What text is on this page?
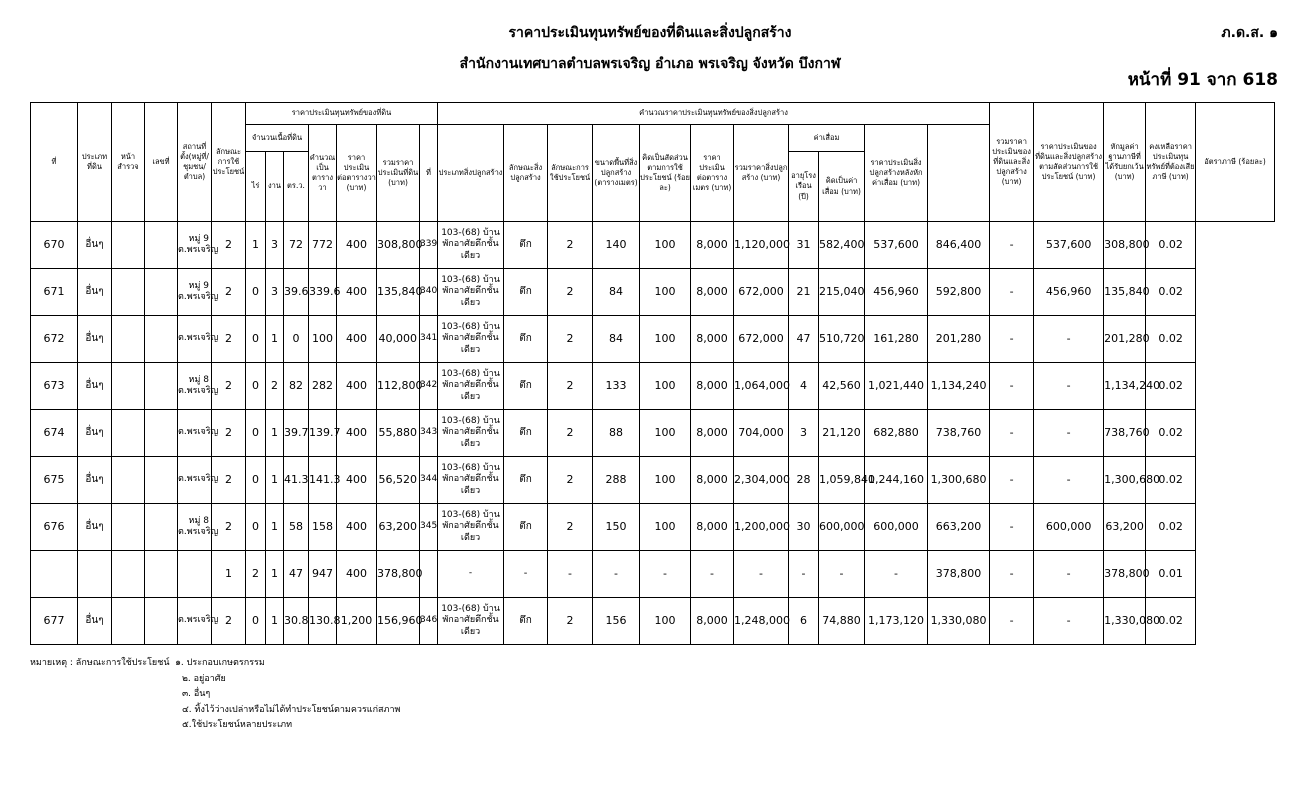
ราคาประเมินทุนทรัพย์ของที่ดินและสิ่งปลูกสร้าง
สำนักงานเทศบาลตำบลพรเจริญ อำเภอ พรเจริญ จังหวัด บึงกาฬ
ภ.ด.ส. ๑
หน้าที่ 91 จาก 618
ที่	ประเภทที่ดิน	หน้าสำรวจ	เลขที่	สถานที่ตั้ง(หมู่ที่/ชุมชน/ตำบล)	ลักษณะการใช้ประโยชน์	ราคาประเมินทุนทรัพย์ของที่ดิน							คำนวณราคาประเมินทุนทรัพย์ของสิ่งปลูกสร้าง											รวมราคาประเมินของที่ดินและสิ่งปลูกสร้าง (บาท)	ราคาประเมินของที่ดินและสิ่งปลูกสร้างตามสัดส่วนการใช้ประโยชน์ (บาท)	หักมูลค่าฐานภาษีที่ได้รับยกเว้น (บาท)	คงเหลือราคาประเมินทุนทรัพย์ที่ต้องเสียภาษี (บาท)	อัตราภาษี (ร้อยละ)
						จำนวนเนื้อที่ดิน			คำนวณเป็นตารางวา	ราคาประเมินต่อตารางวา (บาท)	รวมราคาประเมินที่ดิน (บาท)	ที่	ประเภทสิ่งปลูกสร้าง	ลักษณะสิ่งปลูกสร้าง	ลักษณะการใช้ประโยชน์	ขนาดพื้นที่สิ่งปลูกสร้าง (ตารางเมตร)	คิดเป็นสัดส่วนตามการใช้ประโยชน์ (ร้อยละ)	ราคาประเมินต่อตารางเมตร (บาท)	รวมราคาสิ่งปลูกสร้าง (บาท)	ค่าเสื่อม		ราคาประเมินสิ่งปลูกสร้างหลังหักค่าเสื่อม (บาท)						
						ไร่	งาน	ตร.ว.												อายุโรงเรือน (ปี)	คิดเป็นค่าเสื่อม (บาท)							
670	อื่นๆ			หมู่ 9 ต.พรเจริญ	2	1	3	72	772	400	308,800	339	103-(68) บ้านพักอาศัยตึกชั้นเดียว	ตึก	2	140	100	8,000	1,120,000	31	582,400	537,600	846,400	-	537,600	308,800	0.02	
671	อื่นๆ			หมู่ 9 ต.พรเจริญ	2	0	3	39.6	339.6	400	135,840	340	103-(68) บ้านพักอาศัยตึกชั้นเดียว	ตึก	2	84	100	8,000	672,000	21	215,040	456,960	592,800	-	456,960	135,840	0.02	
672	อื่นๆ			ต.พรเจริญ	2	0	1	0	100	400	40,000	341	103-(68) บ้านพักอาศัยตึกชั้นเดียว	ตึก	2	84	100	8,000	672,000	47	510,720	161,280	201,280	-	-	201,280	0.02	
673	อื่นๆ			หมู่ 8 ต.พรเจริญ	2	0	2	82	282	400	112,800	342	103-(68) บ้านพักอาศัยตึกชั้นเดียว	ตึก	2	133	100	8,000	1,064,000	4	42,560	1,021,440	1,134,240	-	-	1,134,240	0.02	
674	อื่นๆ			ต.พรเจริญ	2	0	1	39.7	139.7	400	55,880	343	103-(68) บ้านพักอาศัยตึกชั้นเดียว	ตึก	2	88	100	8,000	704,000	3	21,120	682,880	738,760	-	-	738,760	0.02	
675	อื่นๆ			ต.พรเจริญ	2	0	1	41.3	141.3	400	56,520	344	103-(68) บ้านพักอาศัยตึกชั้นเดียว	ตึก	2	288	100	8,000	2,304,000	28	1,059,840	1,244,160	1,300,680	-	-	1,300,680	0.02	
676	อื่นๆ			หมู่ 8 ต.พรเจริญ	2	0	1	58	158	400	63,200	345	103-(68) บ้านพักอาศัยตึกชั้นเดียว	ตึก	2	150	100	8,000	1,200,000	30	600,000	600,000	663,200	-	600,000	63,200	0.02	
					1	2	1	47	947	400	378,800		-	-	-	-	-	-	-	-	-	-	378,800	-	-	378,800	0.01	
677	อื่นๆ			ต.พรเจริญ	2	0	1	30.8	130.8	1,200	156,960	346	103-(68) บ้านพักอาศัยตึกชั้นเดียว	ตึก	2	156	100	8,000	1,248,000	6	74,880	1,173,120	1,330,080	-	-	1,330,080	0.02	
หมายเหตุ : ลักษณะการใช้ประโยชน์ ๑. ประกอบเกษตรกรรม
๒. อยู่อาศัย
๓. อื่นๆ
๔. ทิ้งไว้ว่างเปล่าหรือไม่ได้ทำประโยชน์ตามควรแก่สภาพ
๕.ใช้ประโยชน์หลายประเภท
